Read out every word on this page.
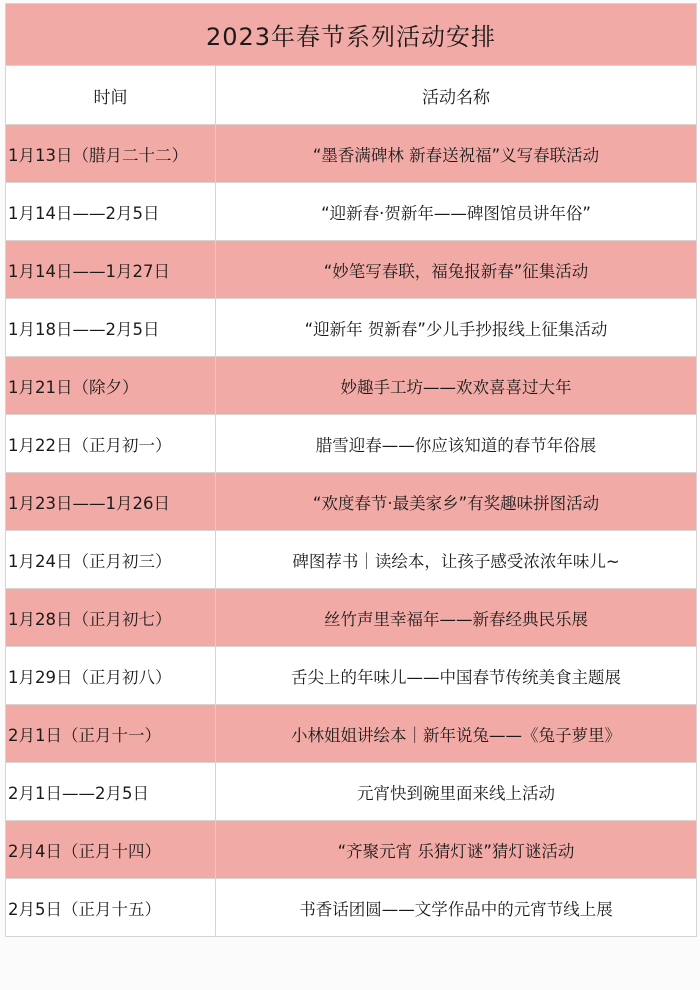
2023年春节系列活动安排	
时间	活动名称
1月13日（腊月二十二）	“墨香满碑林 新春送祝福”义写春联活动
1月14日——2月5日	“迎新春·贺新年——碑图馆员讲年俗”
1月14日——1月27日	“妙笔写春联，福兔报新春”征集活动
1月18日——2月5日	“迎新年 贺新春”少儿手抄报线上征集活动
1月21日（除夕）	妙趣手工坊——欢欢喜喜过大年
1月22日（正月初一）	腊雪迎春——你应该知道的春节年俗展
1月23日——1月26日	“欢度春节·最美家乡”有奖趣味拼图活动
1月24日（正月初三）	碑图荐书｜读绘本，让孩子感受浓浓年味儿~
1月28日（正月初七）	丝竹声里幸福年——新春经典民乐展
1月29日（正月初八）	舌尖上的年味儿——中国春节传统美食主题展
2月1日（正月十一）	小林姐姐讲绘本｜新年说兔——《兔子萝里》
2月1日——2月5日	元宵快到碗里面来线上活动
2月4日（正月十四）	“齐聚元宵 乐猜灯谜”猜灯谜活动
2月5日（正月十五）	书香话团圆——文学作品中的元宵节线上展
